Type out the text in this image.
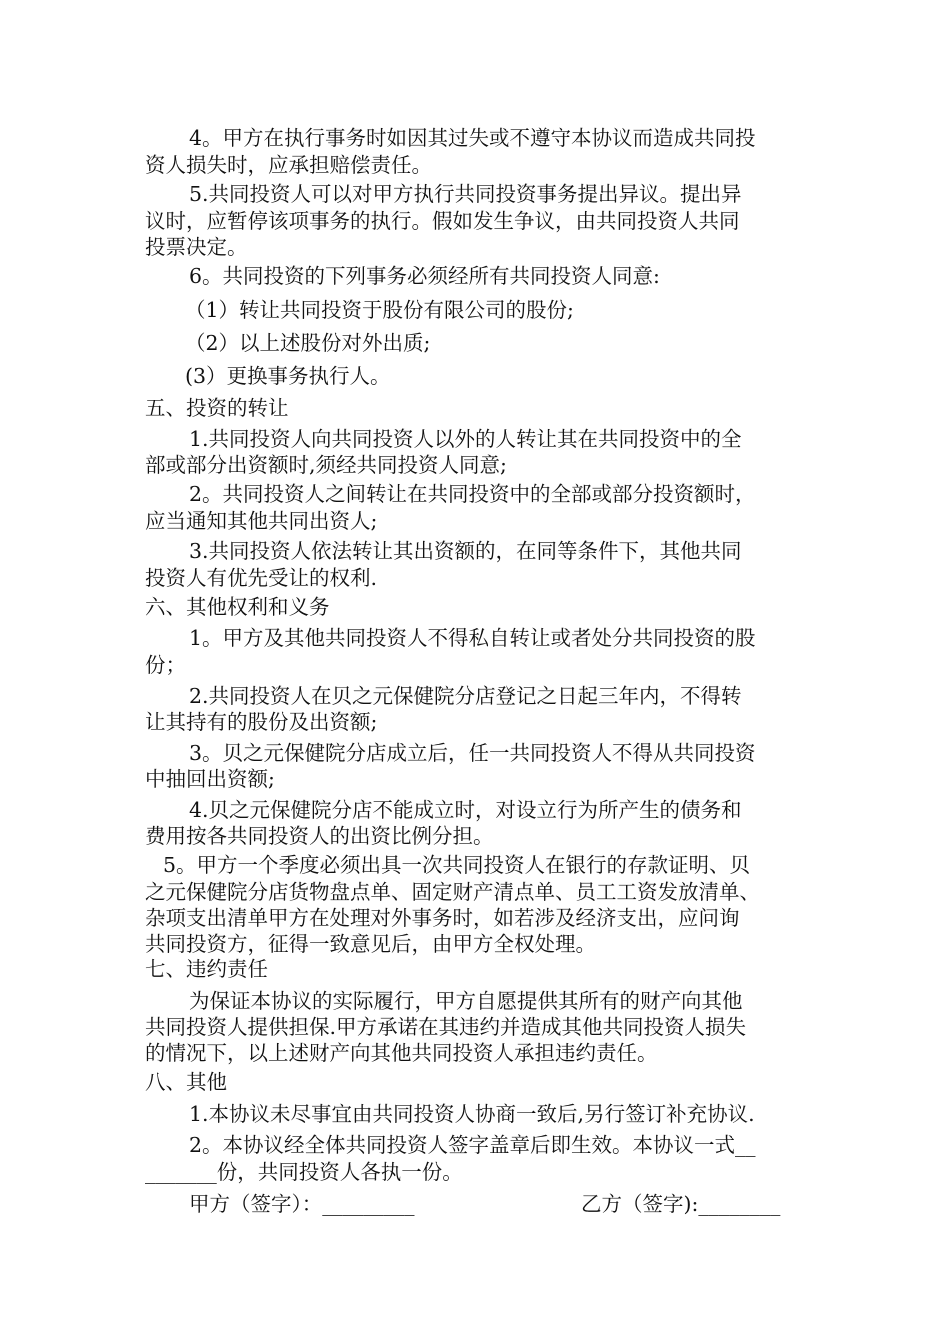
4。甲方在执行事务时如因其过失或不遵守本协议而造成共同投
资人损失时，应承担赔偿责任。
5.共同投资人可以对甲方执行共同投资事务提出异议。提出异
议时，应暂停该项事务的执行。假如发生争议，由共同投资人共同
投票决定。
6。共同投资的下列事务必须经所有共同投资人同意:
（1）转让共同投资于股份有限公司的股份;
（2）以上述股份对外出质;
(3）更换事务执行人。
五、投资的转让
1.共同投资人向共同投资人以外的人转让其在共同投资中的全
部或部分出资额时,须经共同投资人同意;
2。共同投资人之间转让在共同投资中的全部或部分投资额时，
应当通知其他共同出资人;
3.共同投资人依法转让其出资额的，在同等条件下，其他共同
投资人有优先受让的权利.
六、其他权利和义务
1。甲方及其他共同投资人不得私自转让或者处分共同投资的股
份；
2.共同投资人在贝之元保健院分店登记之日起三年内，不得转
让其持有的股份及出资额;
3。贝之元保健院分店成立后，任一共同投资人不得从共同投资
中抽回出资额;
4.贝之元保健院分店不能成立时，对设立行为所产生的债务和
费用按各共同投资人的出资比例分担。
5。甲方一个季度必须出具一次共同投资人在银行的存款证明、贝
之元保健院分店货物盘点单、固定财产清点单、员工工资发放清单、
杂项支出清单甲方在处理对外事务时，如若涉及经济支出，应问询
共同投资方，征得一致意见后，由甲方全权处理。
七、违约责任
为保证本协议的实际履行，甲方自愿提供其所有的财产向其他
共同投资人提供担保.甲方承诺在其违约并造成其他共同投资人损失
的情况下，以上述财产向其他共同投资人承担违约责任。
八、其他
1.本协议未尽事宜由共同投资人协商一致后,另行签订补充协议.
2。本协议经全体共同投资人签字盖章后即生效。本协议一式__
_______份，共同投资人各执一份。
甲方（签字）：_________	乙方（签字):________
